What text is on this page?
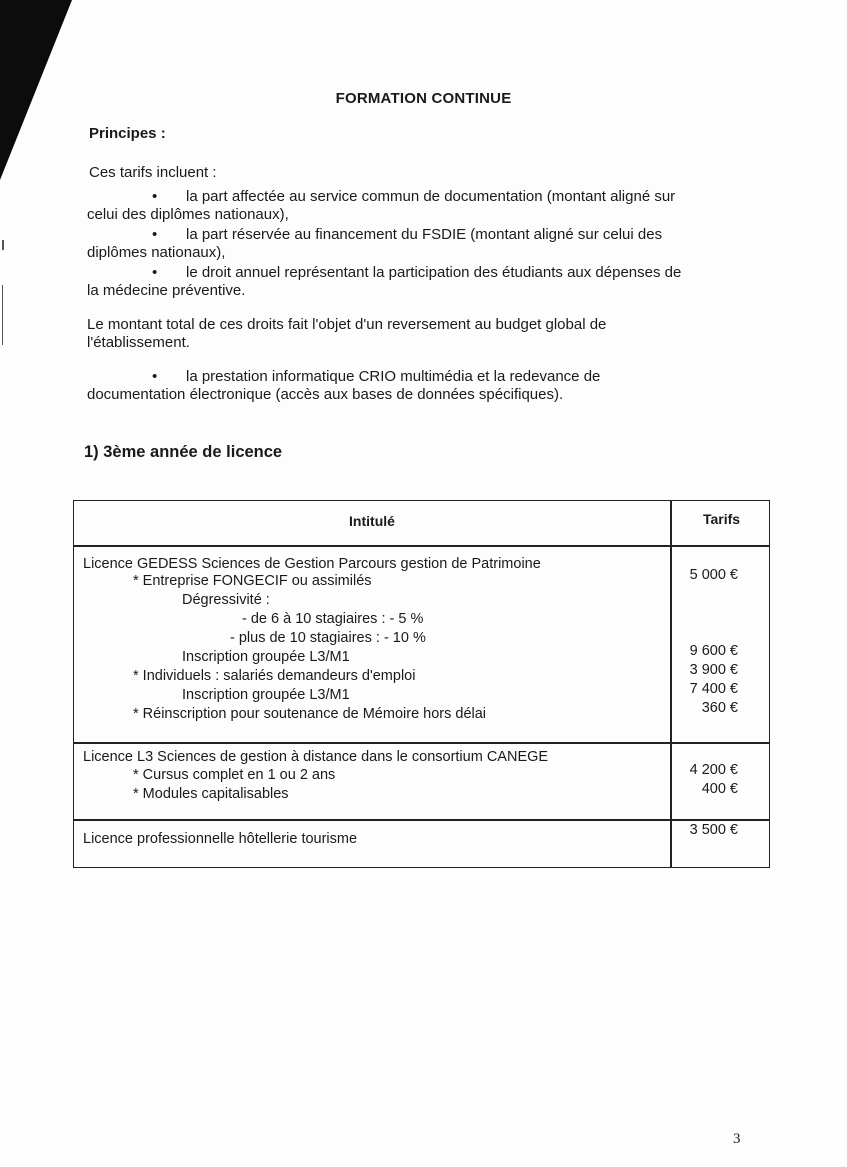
FORMATION CONTINUE
Principes :
Ces tarifs incluent :
• la part affectée au service commun de documentation (montant aligné sur
celui des diplômes nationaux),
• la part réservée au financement du FSDIE (montant aligné sur celui des
diplômes nationaux),
• le droit annuel représentant la participation des étudiants aux dépenses de
la médecine préventive.
Le montant total de ces droits fait l'objet d'un reversement au budget global de
l'établissement.
• la prestation informatique CRIO multimédia et la redevance de
documentation électronique (accès aux bases de données spécifiques).
1) 3ème année de licence
Intitulé	Tarifs
Licence GEDESS Sciences de Gestion Parcours gestion de Patrimoine
* Entreprise FONGECIF ou assimilés
Dégressivité :
- de 6 à 10 stagiaires : - 5 %
- plus de 10 stagiaires : - 10 %
Inscription groupée L3/M1
* Individuels : salariés demandeurs d'emploi
Inscription groupée L3/M1
* Réinscription pour soutenance de Mémoire hors délai
5 000 €
9 600 €
3 900 €
7 400 €
360 €
Licence L3 Sciences de gestion à distance dans le consortium CANEGE
* Cursus complet en 1 ou 2 ans
* Modules capitalisables
4 200 €
400 €
Licence professionnelle hôtellerie tourisme
3 500 €
3
